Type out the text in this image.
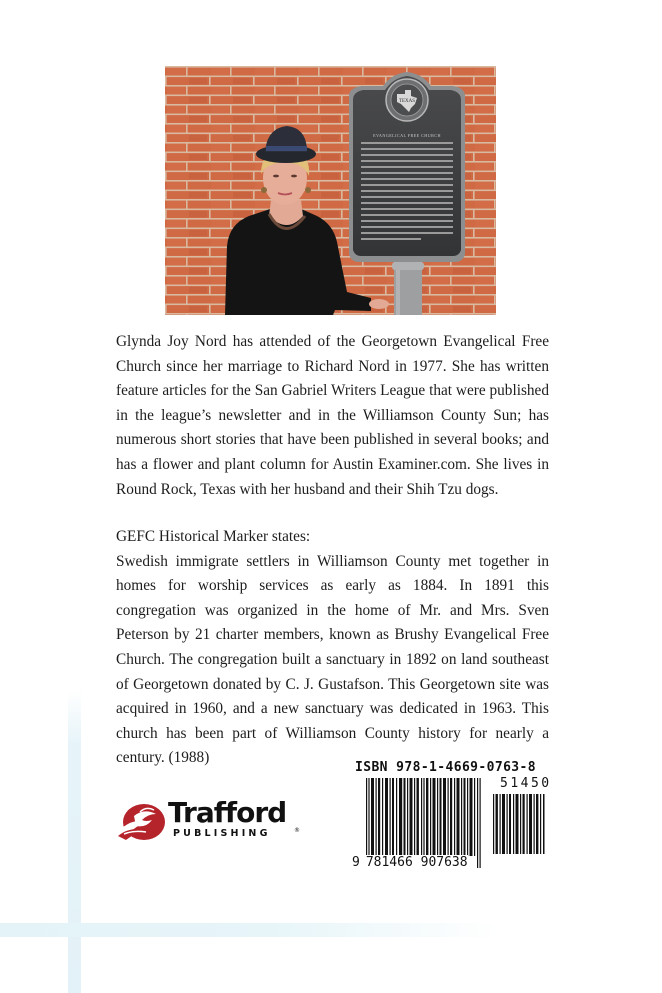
TEXAS
EVANGELICAL FREE CHURCH
Glynda Joy Nord has attended of the Georgetown Evangelical Free Church since her marriage to Richard Nord in 1977. She has written feature articles for the San Gabriel Writers League that were published in the league’s newsletter and in the Williamson County Sun; has numerous short stories that have been published in several books; and has a flower and plant column for Austin Examiner.com. She lives in Round Rock, Texas with her husband and their Shih Tzu dogs.
GEFC Historical Marker states:
Swedish immigrate settlers in Williamson County met together in homes for worship services as early as 1884. In 1891 this congregation was organized in the home of Mr. and Mrs. Sven Peterson by 21 charter members, known as Brushy Evangelical Free Church. The congregation built a sanctuary in 1892 on land southeast of Georgetown donated by C. J. Gustafson. This Georgetown site was acquired in 1960, and a new sanctuary was dedicated in 1963. This church has been part of Williamson County history for nearly a century. (1988)
Trafford
PUBLISHING	®
ISBN 978-1-4669-0763-8
51450
9 781466 907638
